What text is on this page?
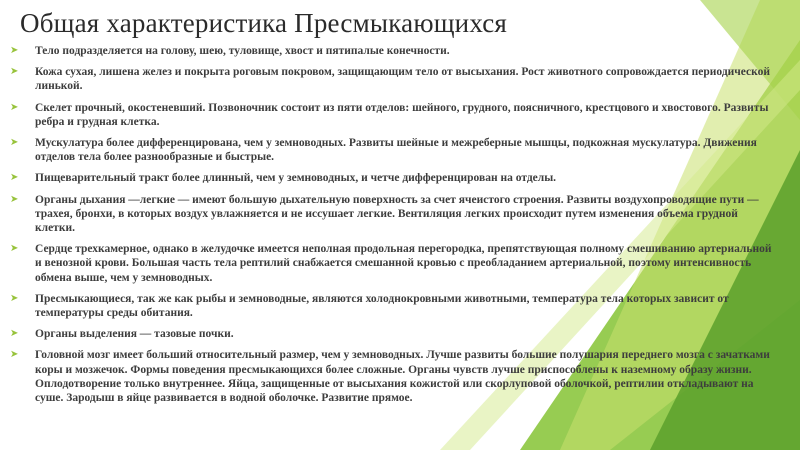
Общая характеристика Пресмыкающихся
➤ Тело подразделяется на голову, шею, туловище, хвост и пятипалые конечности.
➤ Кожа сухая, лишена желез и покрыта роговым покровом, защищающим тело от высыхания. Рост животного сопровождается периодической линькой.
➤ Скелет прочный, окостеневший. Позвоночник состоит из пяти отделов: шейного, грудного, поясничного, крестцового и хвостового. Развиты ребра и грудная клетка.
➤ Мускулатура более дифференцирована, чем у земноводных. Развиты шейные и межреберные мышцы, подкожная мускулатура. Движения отделов тела более разнообразные и быстрые.
➤ Пищеварительный тракт более длинный, чем у земноводных, и четче дифференцирован на отделы.
➤ Органы дыхания —легкие — имеют большую дыхательную поверхность за счет ячеистого строения. Развиты воздухопроводящие пути — трахея, бронхи, в которых воздух увлажняется и не иссушает легкие. Вентиляция легких происходит путем изменения объема грудной клетки.
➤ Сердце трехкамерное, однако в желудочке имеется неполная продольная перегородка, препятствующая полному смешиванию артериальной и венозной крови. Большая часть тела рептилий снабжается смешанной кровью с преобладанием артериальной, поэтому интенсивность обмена выше, чем у земноводных.
➤ Пресмыкающиеся, так же как рыбы и земноводные, являются холоднокровными животными, температура тела которых зависит от температуры среды обитания.
➤ Органы выделения — тазовые почки.
➤ Головной мозг имеет больший относительный размер, чем у земноводных. Лучше развиты большие полушария переднего мозга с зачатками коры и мозжечок. Формы поведения пресмыкающихся более сложные. Органы чувств лучше приспособлены к наземному образу жизни.
Оплодотворение только внутреннее. Яйца, защищенные от высыхания кожистой или скорлуповой оболочкой, рептилии откладывают на суше. Зародыш в яйце развивается в водной оболочке. Развитие прямое.
